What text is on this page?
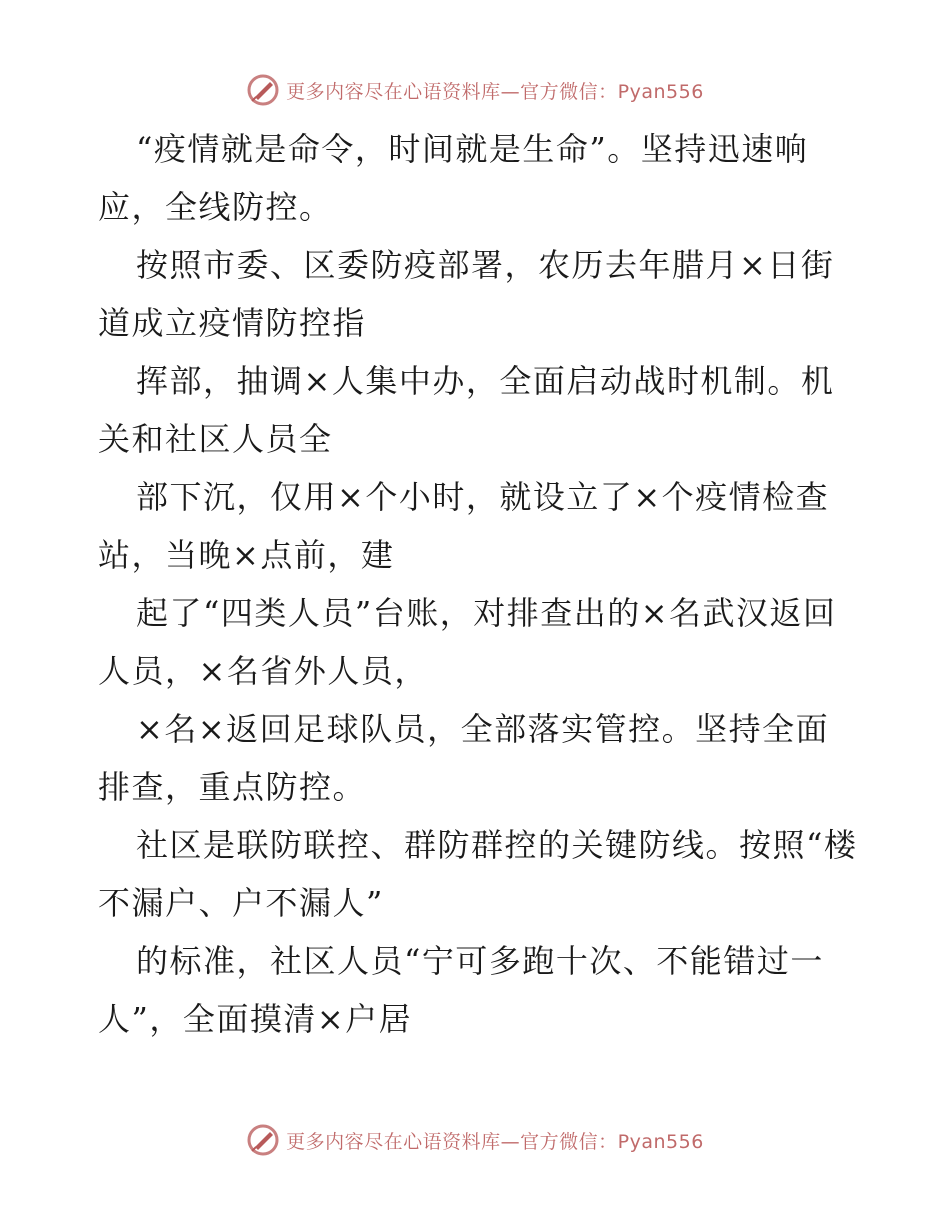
更多内容尽在心语资料库—官方微信：Pyan556

“疫情就是命令，时间就是生命”。坚持迅速响应，全线防控。

按照市委、区委防疫部署，农历去年腊月×日街道成立疫情防控指

挥部，抽调×人集中办，全面启动战时机制。机关和社区人员全

部下沉，仅用×个小时，就设立了×个疫情检查站，当晚×点前，建

起了“四类人员”台账，对排查出的×名武汉返回人员，×名省外人员，

×名×返回足球队员，全部落实管控。坚持全面排查，重点防控。

社区是联防联控、群防群控的关键防线。按照“楼不漏户、户不漏人”

的标准，社区人员“宁可多跑十次、不能错过一人”，全面摸清×户居

更多内容尽在心语资料库—官方微信：Pyan556
